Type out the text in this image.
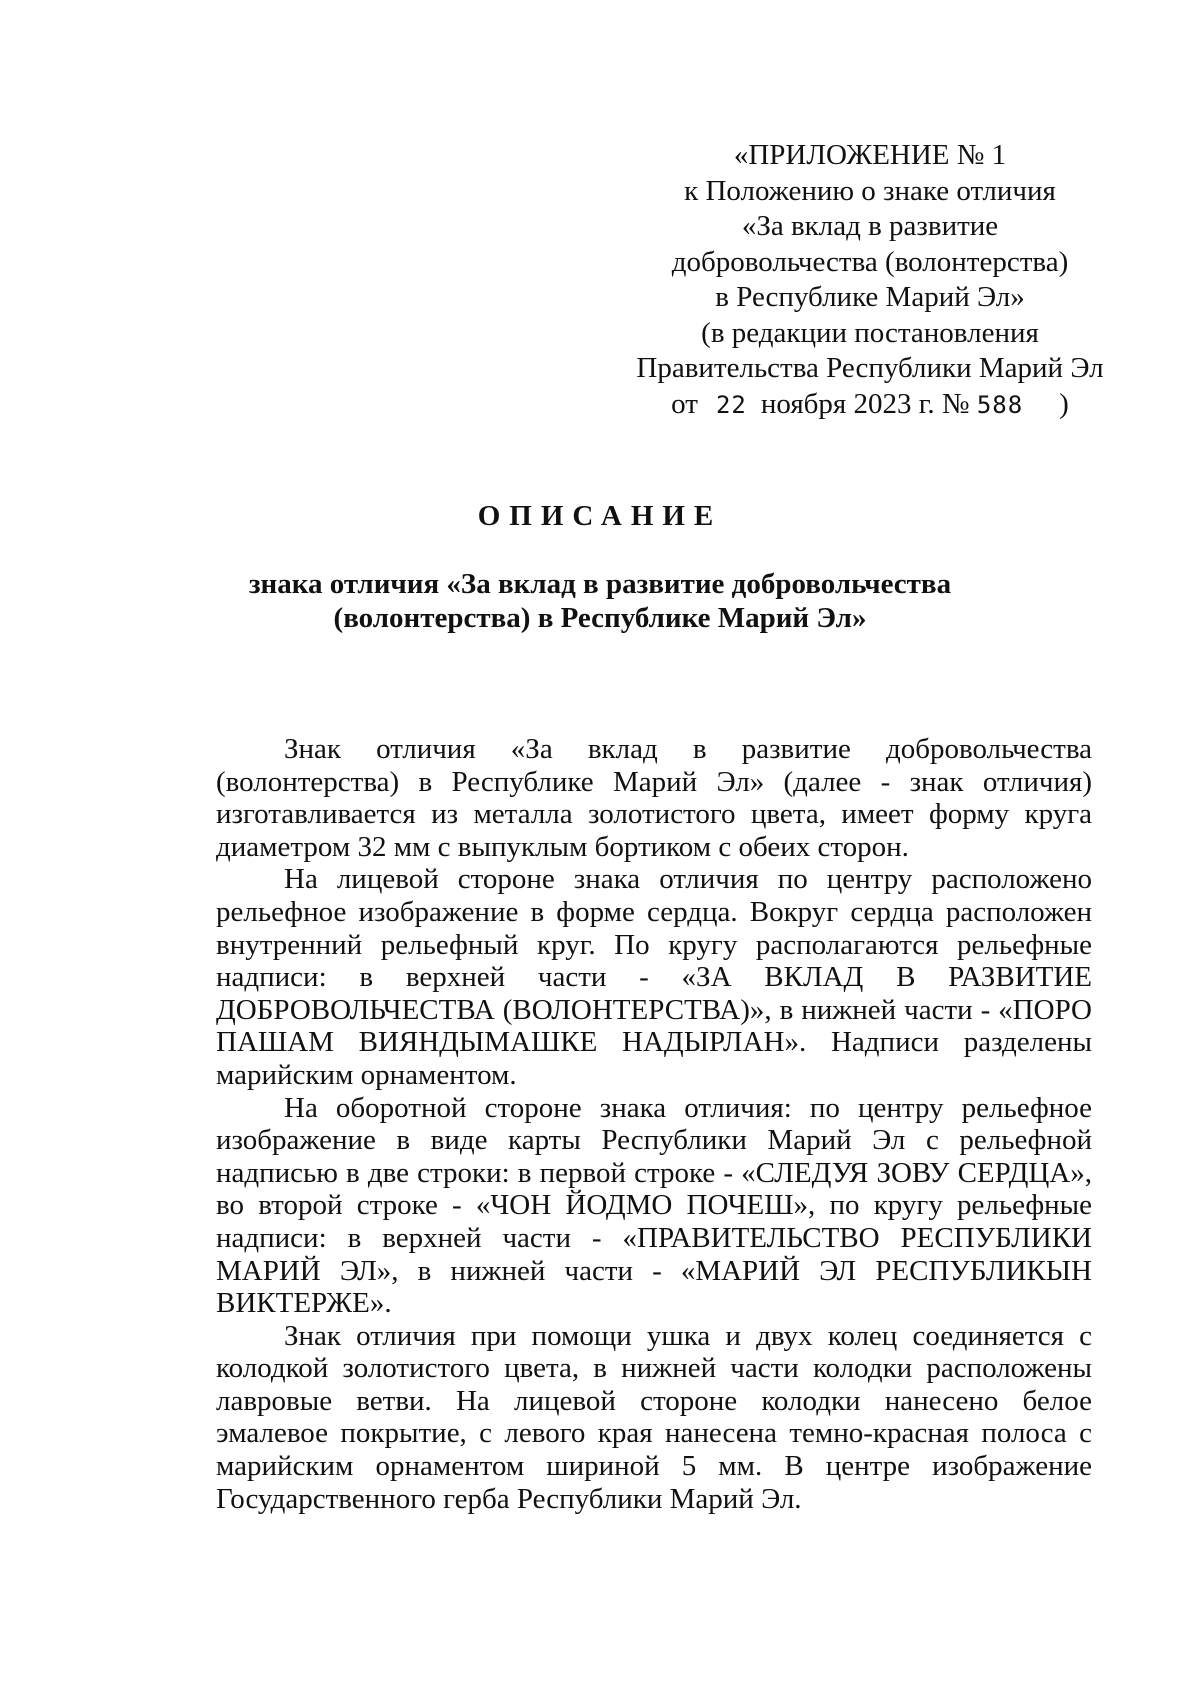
«ПРИЛОЖЕНИЕ № 1
к Положению о знаке отличия
«За вклад в развитие
добровольчества (волонтерства)
в Республике Марий Эл»
(в редакции постановления
Правительства Республики Марий Эл
от 22 ноября 2023 г. № 588 )
ОПИСАНИЕ
знака отличия «За вклад в развитие добровольчества
(волонтерства) в Республике Марий Эл»

Знак отличия «За вклад в развитие добровольчества (волонтерства) в Республике Марий Эл» (далее - знак отличия) изготавливается из металла золотистого цвета, имеет форму круга диаметром 32 мм с выпуклым бортиком с обеих сторон.

На лицевой стороне знака отличия по центру расположено рельефное изображение в форме сердца. Вокруг сердца расположен внутренний рельефный круг. По кругу располагаются рельефные надписи: в верхней части - «ЗА ВКЛАД В РАЗВИТИЕ ДОБРОВОЛЬЧЕСТВА (ВОЛОНТЕРСТВА)», в нижней части - «ПОРО ПАШАМ ВИЯНДЫМАШКЕ НАДЫРЛАН». Надписи разделены марийским орнаментом.

На оборотной стороне знака отличия: по центру рельефное изображение в виде карты Республики Марий Эл с рельефной надписью в две строки: в первой строке - «СЛЕДУЯ ЗОВУ СЕРДЦА», во второй строке - «ЧОН ЙОДМО ПОЧЕШ», по кругу рельефные надписи: в верхней части - «ПРАВИТЕЛЬСТВО РЕСПУБЛИКИ МАРИЙ ЭЛ», в нижней части - «МАРИЙ ЭЛ РЕСПУБЛИКЫН ВИКТЕРЖЕ».

Знак отличия при помощи ушка и двух колец соединяется с колодкой золотистого цвета, в нижней части колодки расположены лавровые ветви. На лицевой стороне колодки нанесено белое эмалевое покрытие, с левого края нанесена темно-красная полоса с марийским орнаментом шириной 5 мм. В центре изображение Государственного герба Республики Марий Эл.
